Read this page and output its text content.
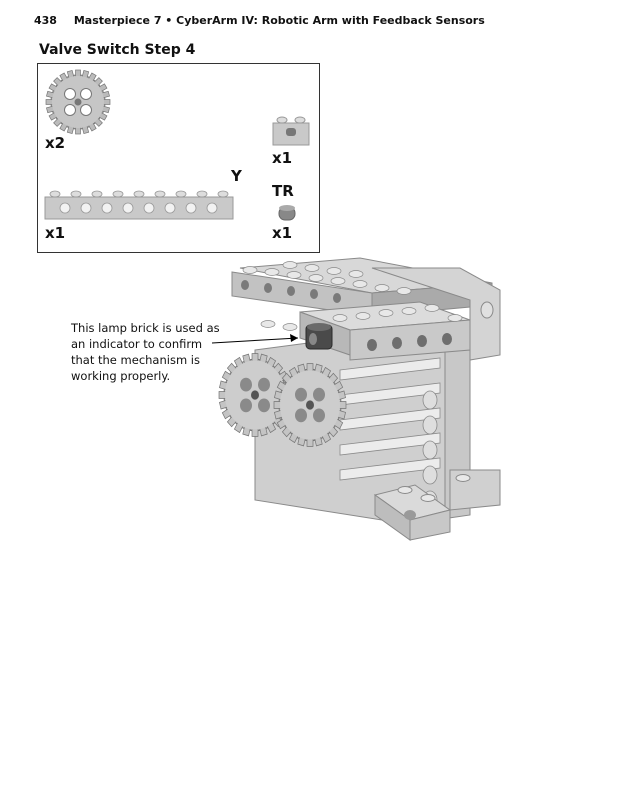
438 Masterpiece 7 • CyberArm IV: Robotic Arm with Feedback Sensors
Valve Switch Step 4
x2
x1
Y
x1
TR
x1
This lamp brick is used as an indicator to confirm that the mechanism is working properly.
